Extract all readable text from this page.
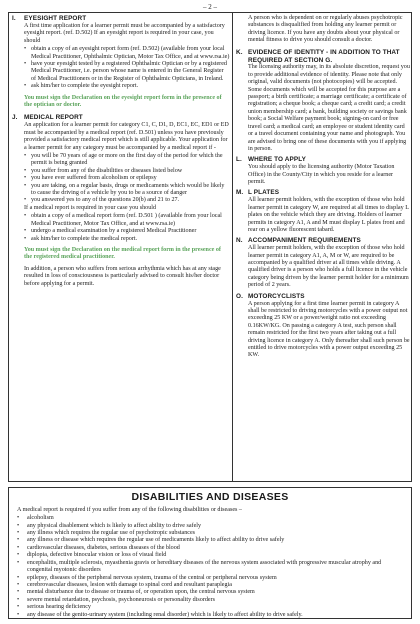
– 2 –
I.	EYESIGHT REPORT

A first time application for a learner permit must be accompanied by a satisfactory eyesight report. (ref. D.502) If an eyesight report is required in your case, you should

• obtain a copy of an eyesight report form (ref. D.502) (available from your local Medical Practitioner, Ophthalmic Optician, Motor Tax Office, and at www.rsa.ie)
• have your eyesight tested by a registered Ophthalmic Optician or by a registered Medical Practitioner, i.e. person whose name is entered in the General Register of Medical Practitioners or in the Register of Ophthalmic Opticians, in Ireland.
• ask him/her to complete the eyesight report.

You must sign the Declaration on the eyesight report form in the presence of the optician or doctor.

J.	MEDICAL REPORT

An application for a learner permit for category C1, C, D1, D, EC1, EC, ED1 or ED must be accompanied by a medical report (ref. D.501) unless you have previously provided a satisfactory medical report which is still applicable. Your application for a learner permit for any category must be accompanied by a medical report if -

• you will be 70 years of age or more on the first day of the period for which the permit is being granted
• you suffer from any of the disabilities or diseases listed below
• you have ever suffered from alcoholism or epilepsy
• you are taking, on a regular basis, drugs or medicaments which would be likely to cause the driving of a vehicle by you to be a source of danger
• you answered yes to any of the questions 20(b) and 21 to 27.

If a medical report is required in your case you should

• obtain a copy of a medical report form (ref. D.501 ) (available from your local Medical Practitioner, Motor Tax Office, and at www.rsa.ie)
• undergo a medical examination by a registered Medical Practitioner
• ask him/her to complete the medical report.

You must sign the Declaration on the medical report form in the presence of the registered medical practitioner.

In addition, a person who suffers from serious arrhythmia which has at any stage resulted in loss of consciousness is particularly advised to consult his/her doctor before applying for a permit.

A person who is dependent on or regularly abuses psychotropic substances is disqualified from holding any learner permit or driving licence. If you have any doubts about your physical or mental fitness to drive you should consult a doctor.

K. EVIDENCE OF IDENTITY - IN ADDITION TO THAT REQUIRED AT SECTION G.

The licensing authority may, in its absolute discretion, request you to provide additional evidence of identity. Please note that only original, valid documents (not photocopies) will be accepted. Some documents which will be accepted for this purpose are a passport; a birth certificate; a marriage certificate; a certificate of registration; a cheque book; a cheque card; a credit card; a credit union membership card; a bank, building society or savings bank book; a Social Welfare payment book; signing-on card or free travel card; a medical card; an employee or student identity card or a travel document containing your name and photograph. You are advised to bring one of these documents with you if applying in person.

L. WHERE TO APPLY

You should apply to the licensing authority (Motor Taxation Office) in the County/City in which you reside for a learner permit.

M. L PLATES

All learner permit holders, with the exception of those who hold learner permit in category W, are required at all times to display L plates on the vehicle which they are driving. Holders of learner permits in category A1, A and M must display L plates front and rear on a yellow fluorescent tabard.

N. ACCOMPANIMENT REQUIREMENTS

All learner permit holders, with the exception of those who hold learner permit in category A1, A, M or W, are required to be accompanied by a qualified driver at all times while driving. A qualified driver is a person who holds a full licence in the vehicle category being driven by the learner permit holder for a minimum period of 2 years.

O. MOTORCYCLISTS

A person applying for a first time learner permit in category A shall be restricted to driving motorcycles with a power output not exceeding 25 KW or a power/weight ratio not exceeding 0.16KW/KG. On passing a category A test, such person shall remain restricted for the first two years after taking out a full driving licence in category A. Only thereafter shall such person be entitled to drive motorcycles with a power output exceeding 25 KW.

DISABILITIES AND DISEASES

A medical report is required if you suffer from any of the following disabilities or diseases –

• alcoholism
• any physical disablement which is likely to affect ability to drive safely
• any illness which requires the regular use of psychotropic substances
• any illness or disease which requires the regular use of medicaments likely to affect ability to drive safely
• cardiovascular diseases, diabetes, serious diseases of the blood
• diplopia, defective binocular vision or loss of visual field
• encephalitis, multiple sclerosis, myasthenia gravis or hereditary diseases of the nervous system associated with progressive muscular atrophy and congenital myotonic disorders
• epilepsy, diseases of the peripheral nervous system, trauma of the central or peripheral nervous system
• cerebrovascular diseases, lesion with damage to spinal cord and resultant paraplegia
• mental disturbance due to disease or trauma of, or operation upon, the central nervous system
• severe mental retardation, psychosis, psychoneurosis or personality disorders
• serious hearing deficiency
• any disease of the genito-urinary system (including renal disorder) which is likely to affect ability to drive safely.
